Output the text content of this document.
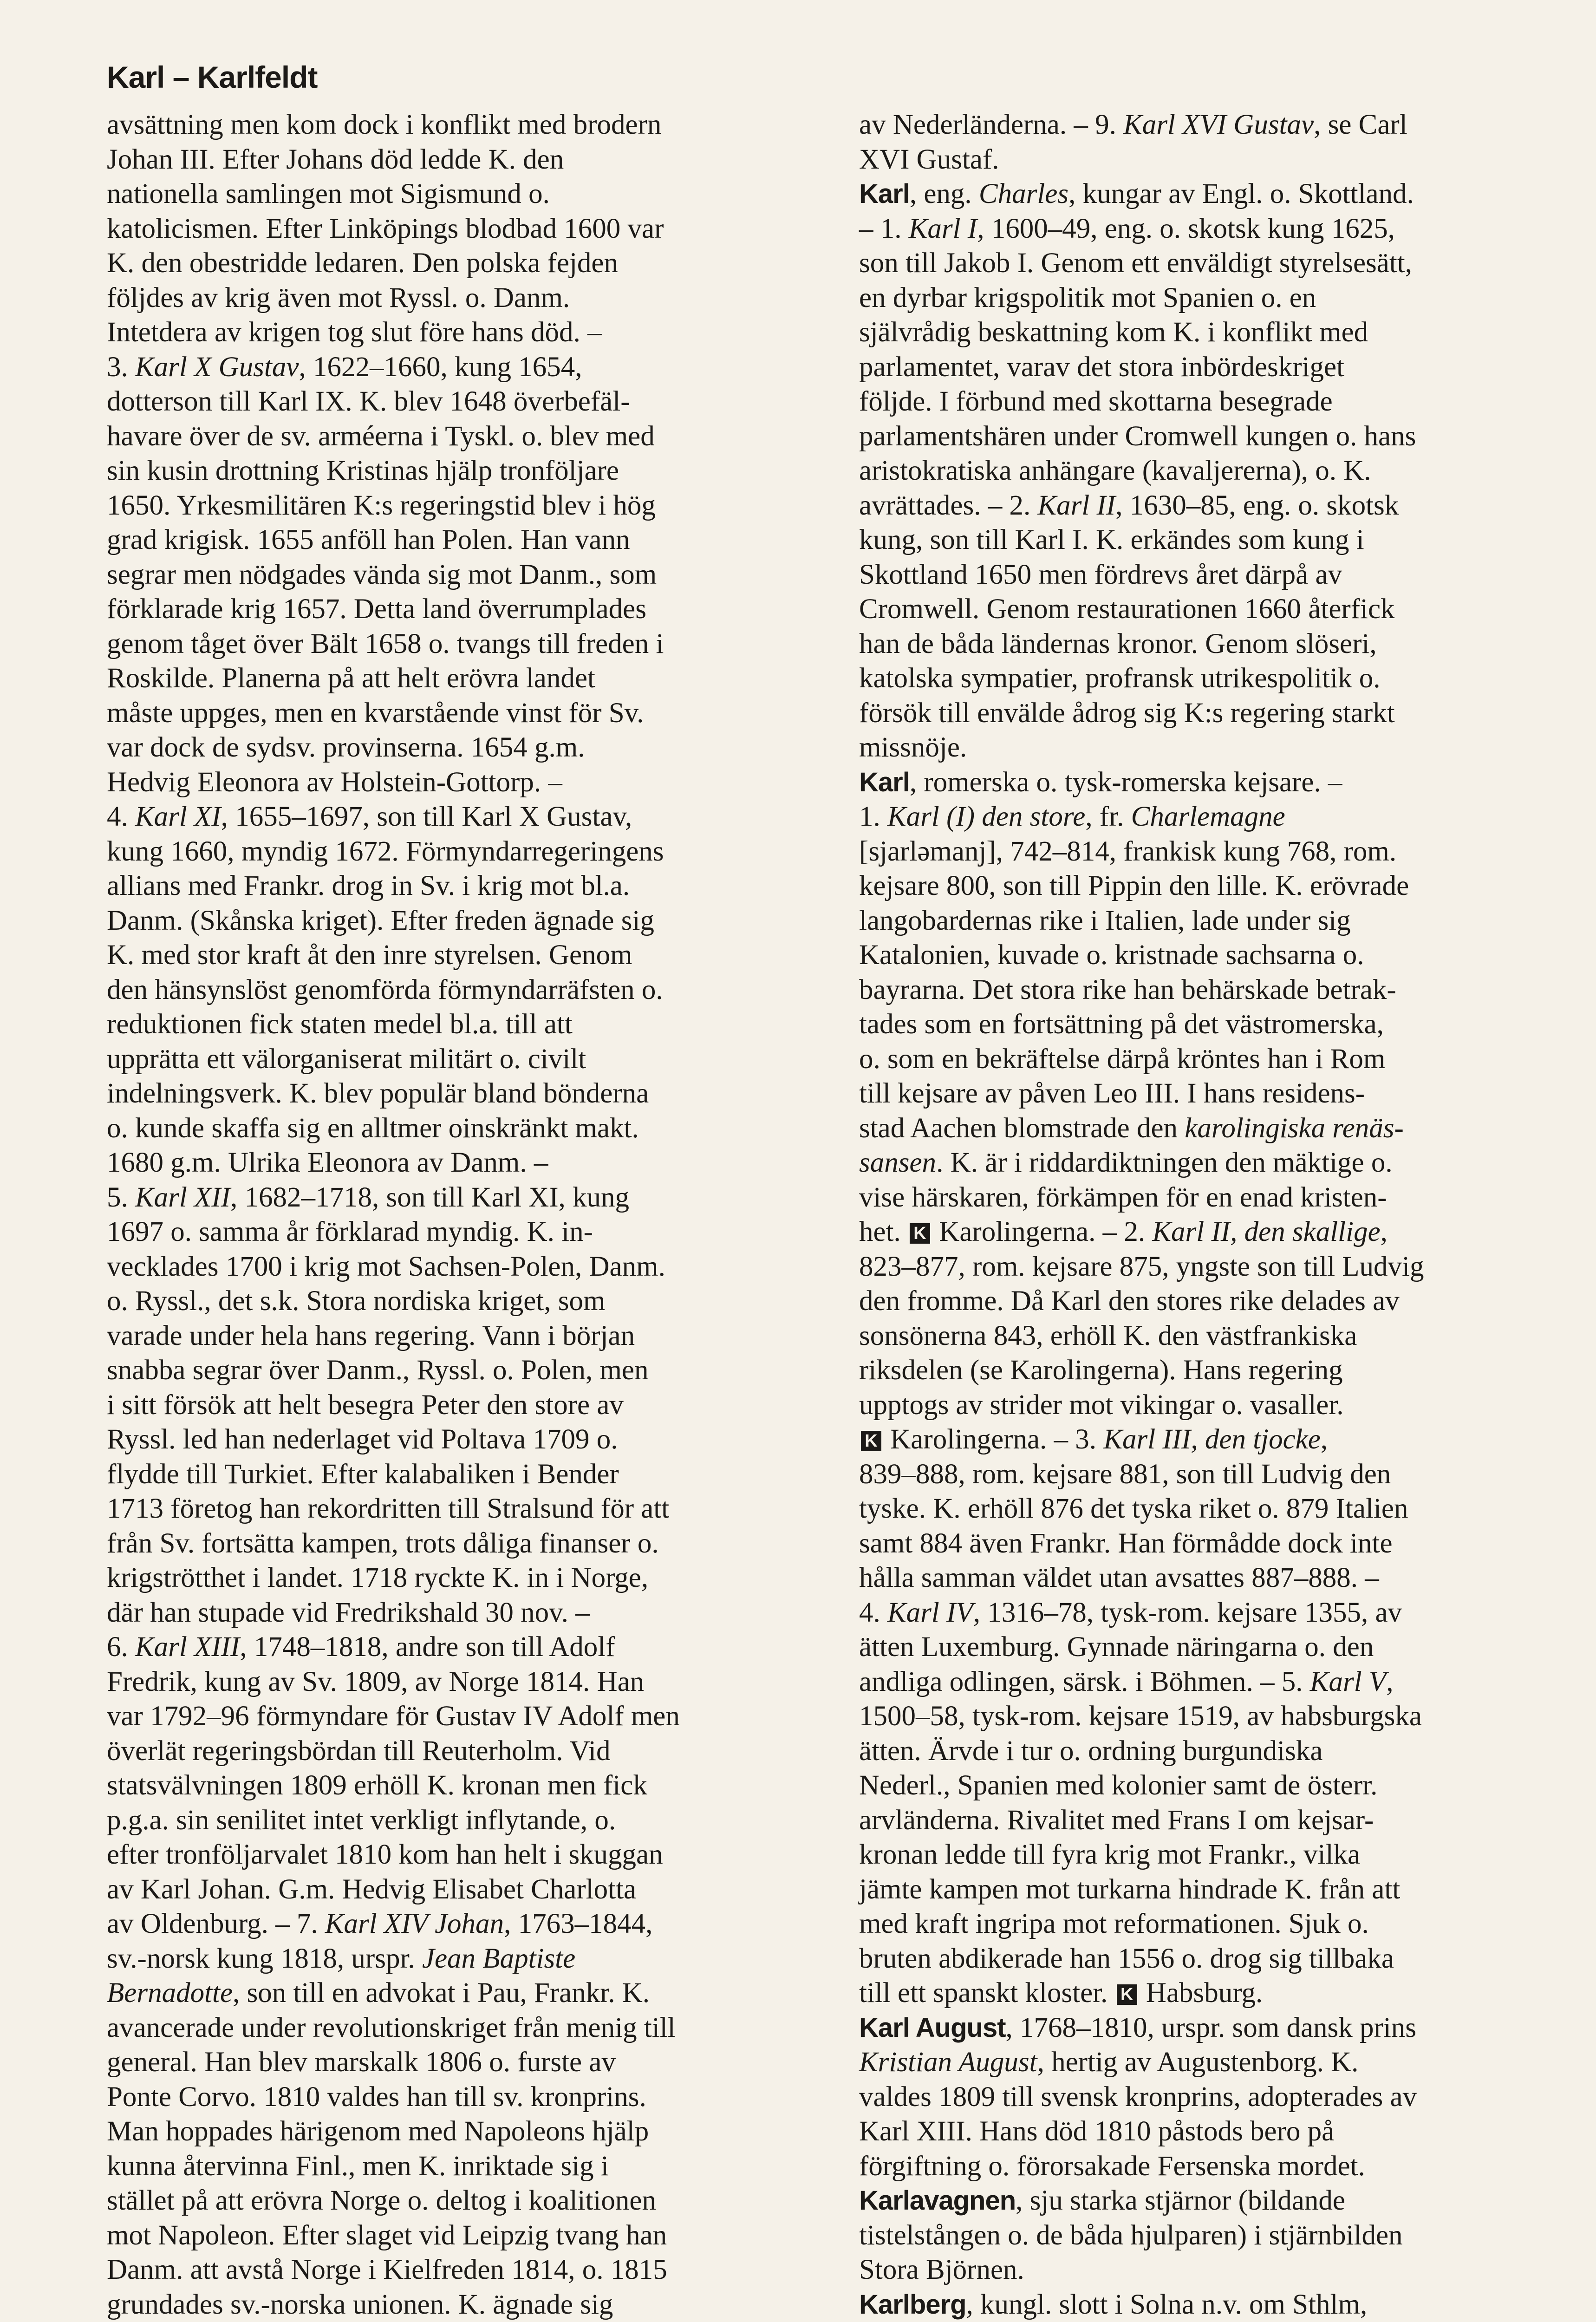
Karl – Karlfeldt
avsättning men kom dock i konflikt med brodern
Johan III. Efter Johans död ledde K. den
nationella samlingen mot Sigismund o.
katolicismen. Efter Linköpings blodbad 1600 var
K. den obestridde ledaren. Den polska fejden
följdes av krig även mot Ryssl. o. Danm.
Intetdera av krigen tog slut före hans död. –
3. Karl X Gustav, 1622–1660, kung 1654,
dotterson till Karl IX. K. blev 1648 överbefäl-
havare över de sv. arméerna i Tyskl. o. blev med
sin kusin drottning Kristinas hjälp tronföljare
1650. Yrkesmilitären K:s regeringstid blev i hög
grad krigisk. 1655 anföll han Polen. Han vann
segrar men nödgades vända sig mot Danm., som
förklarade krig 1657. Detta land överrumplades
genom tåget över Bält 1658 o. tvangs till freden i
Roskilde. Planerna på att helt erövra landet
måste uppges, men en kvarstående vinst för Sv.
var dock de sydsv. provinserna. 1654 g.m.
Hedvig Eleonora av Holstein-Gottorp. –
4. Karl XI, 1655–1697, son till Karl X Gustav,
kung 1660, myndig 1672. Förmyndarregeringens
allians med Frankr. drog in Sv. i krig mot bl.a.
Danm. (Skånska kriget). Efter freden ägnade sig
K. med stor kraft åt den inre styrelsen. Genom
den hänsynslöst genomförda förmyndarräfsten o.
reduktionen fick staten medel bl.a. till att
upprätta ett välorganiserat militärt o. civilt
indelningsverk. K. blev populär bland bönderna
o. kunde skaffa sig en alltmer oinskränkt makt.
1680 g.m. Ulrika Eleonora av Danm. –
5. Karl XII, 1682–1718, son till Karl XI, kung
1697 o. samma år förklarad myndig. K. in-
vecklades 1700 i krig mot Sachsen-Polen, Danm.
o. Ryssl., det s.k. Stora nordiska kriget, som
varade under hela hans regering. Vann i början
snabba segrar över Danm., Ryssl. o. Polen, men
i sitt försök att helt besegra Peter den store av
Ryssl. led han nederlaget vid Poltava 1709 o.
flydde till Turkiet. Efter kalabaliken i Bender
1713 företog han rekordritten till Stralsund för att
från Sv. fortsätta kampen, trots dåliga finanser o.
krigströtthet i landet. 1718 ryckte K. in i Norge,
där han stupade vid Fredrikshald 30 nov. –
6. Karl XIII, 1748–1818, andre son till Adolf
Fredrik, kung av Sv. 1809, av Norge 1814. Han
var 1792–96 förmyndare för Gustav IV Adolf men
överlät regeringsbördan till Reuterholm. Vid
statsvälvningen 1809 erhöll K. kronan men fick
p.g.a. sin senilitet intet verkligt inflytande, o.
efter tronföljarvalet 1810 kom han helt i skuggan
av Karl Johan. G.m. Hedvig Elisabet Charlotta
av Oldenburg. – 7. Karl XIV Johan, 1763–1844,
sv.-norsk kung 1818, urspr. Jean Baptiste
Bernadotte, son till en advokat i Pau, Frankr. K.
avancerade under revolutionskriget från menig till
general. Han blev marskalk 1806 o. furste av
Ponte Corvo. 1810 valdes han till sv. kronprins.
Man hoppades härigenom med Napoleons hjälp
kunna återvinna Finl., men K. inriktade sig i
stället på att erövra Norge o. deltog i koalitionen
mot Napoleon. Efter slaget vid Leipzig tvang han
Danm. att avstå Norge i Kielfreden 1814, o. 1815
grundades sv.-norska unionen. K. ägnade sig
av Nederländerna. – 9. Karl XVI Gustav, se Carl
XVI Gustaf.
Karl, eng. Charles, kungar av Engl. o. Skottland.
– 1. Karl I, 1600–49, eng. o. skotsk kung 1625,
son till Jakob I. Genom ett enväldigt styrelsesätt,
en dyrbar krigspolitik mot Spanien o. en
självrådig beskattning kom K. i konflikt med
parlamentet, varav det stora inbördeskriget
följde. I förbund med skottarna besegrade
parlamentshären under Cromwell kungen o. hans
aristokratiska anhängare (kavaljererna), o. K.
avrättades. – 2. Karl II, 1630–85, eng. o. skotsk
kung, son till Karl I. K. erkändes som kung i
Skottland 1650 men fördrevs året därpå av
Cromwell. Genom restaurationen 1660 återfick
han de båda ländernas kronor. Genom slöseri,
katolska sympatier, profransk utrikespolitik o.
försök till envälde ådrog sig K:s regering starkt
missnöje.
Karl, romerska o. tysk-romerska kejsare. –
1. Karl (I) den store, fr. Charlemagne
[sjarləmanj], 742–814, frankisk kung 768, rom.
kejsare 800, son till Pippin den lille. K. erövrade
langobardernas rike i Italien, lade under sig
Katalonien, kuvade o. kristnade sachsarna o.
bayrarna. Det stora rike han behärskade betrak-
tades som en fortsättning på det västromerska,
o. som en bekräftelse därpå kröntes han i Rom
till kejsare av påven Leo III. I hans residens-
stad Aachen blomstrade den karolingiska renäs-
sansen. K. är i riddardiktningen den mäktige o.
vise härskaren, förkämpen för en enad kristen-
het. K Karolingerna. – 2. Karl II, den skallige,
823–877, rom. kejsare 875, yngste son till Ludvig
den fromme. Då Karl den stores rike delades av
sonsönerna 843, erhöll K. den västfrankiska
riksdelen (se Karolingerna). Hans regering
upptogs av strider mot vikingar o. vasaller.
K Karolingerna. – 3. Karl III, den tjocke,
839–888, rom. kejsare 881, son till Ludvig den
tyske. K. erhöll 876 det tyska riket o. 879 Italien
samt 884 även Frankr. Han förmådde dock inte
hålla samman väldet utan avsattes 887–888. –
4. Karl IV, 1316–78, tysk-rom. kejsare 1355, av
ätten Luxemburg. Gynnade näringarna o. den
andliga odlingen, särsk. i Böhmen. – 5. Karl V,
1500–58, tysk-rom. kejsare 1519, av habsburgska
ätten. Ärvde i tur o. ordning burgundiska
Nederl., Spanien med kolonier samt de österr.
arvländerna. Rivalitet med Frans I om kejsar-
kronan ledde till fyra krig mot Frankr., vilka
jämte kampen mot turkarna hindrade K. från att
med kraft ingripa mot reformationen. Sjuk o.
bruten abdikerade han 1556 o. drog sig tillbaka
till ett spanskt kloster. K Habsburg.
Karl August, 1768–1810, urspr. som dansk prins
Kristian August, hertig av Augustenborg. K.
valdes 1809 till svensk kronprins, adopterades av
Karl XIII. Hans död 1810 påstods bero på
förgiftning o. förorsakade Fersenska mordet.
Karlavagnen, sju starka stjärnor (bildande
tistelstången o. de båda hjulparen) i stjärnbilden
Stora Björnen.
Karlberg, kungl. slott i Solna n.v. om Sthlm,
